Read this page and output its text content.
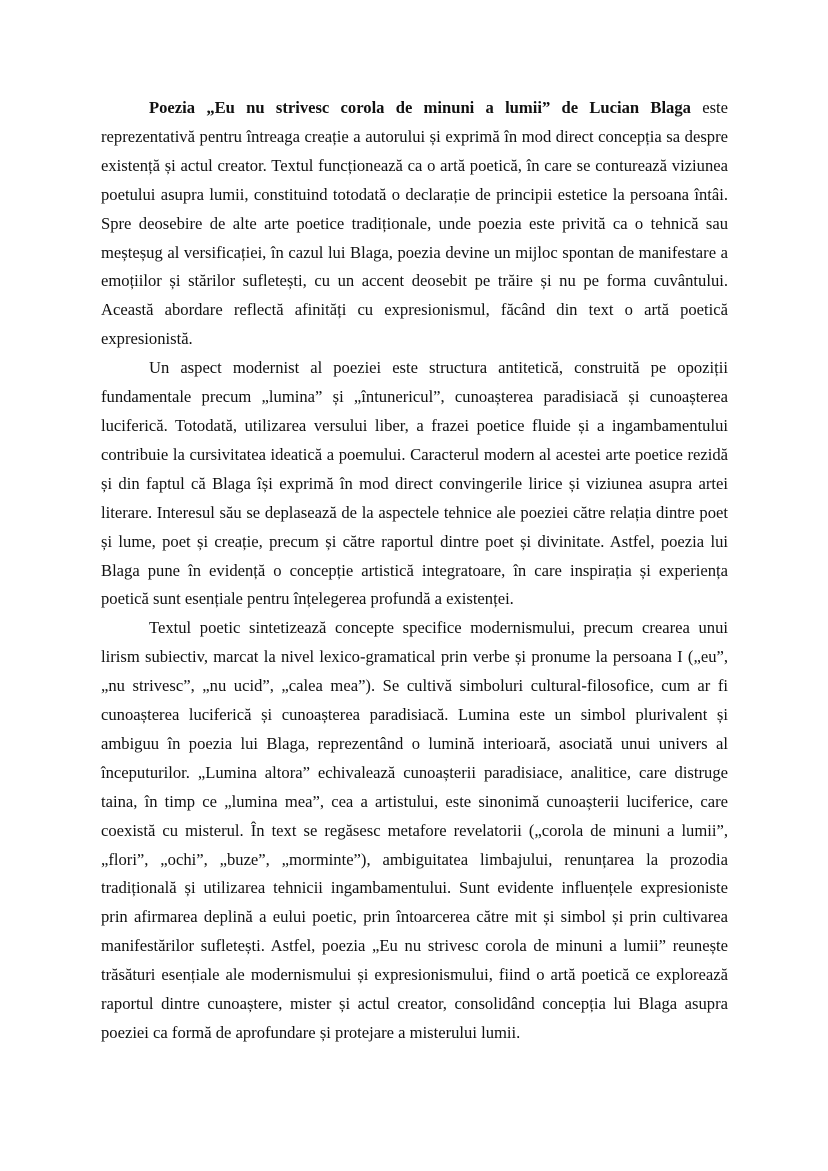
Poezia „Eu nu strivesc corola de minuni a lumii” de Lucian Blaga este
reprezentativă pentru întreaga creație a autorului și exprimă în mod direct concepția sa despre
existență și actul creator. Textul funcționează ca o artă poetică, în care se conturează viziunea
poetului asupra lumii, constituind totodată o declarație de principii estetice la persoana întâi.
Spre deosebire de alte arte poetice tradiționale, unde poezia este privită ca o tehnică sau
meșteșug al versificației, în cazul lui Blaga, poezia devine un mijloc spontan de manifestare a
emoțiilor și stărilor sufletești, cu un accent deosebit pe trăire și nu pe forma cuvântului.
Această abordare reflectă afinități cu expresionismul, făcând din text o artă poetică
expresionistă.
Un aspect modernist al poeziei este structura antitetică, construită pe opoziții
fundamentale precum „lumina” și „întunericul”, cunoașterea paradisiacă și cunoașterea
luciferică. Totodată, utilizarea versului liber, a frazei poetice fluide și a ingambamentului
contribuie la cursivitatea ideatică a poemului. Caracterul modern al acestei arte poetice rezidă
și din faptul că Blaga își exprimă în mod direct convingerile lirice și viziunea asupra artei
literare. Interesul său se deplasează de la aspectele tehnice ale poeziei către relația dintre poet
și lume, poet și creație, precum și către raportul dintre poet și divinitate. Astfel, poezia lui
Blaga pune în evidență o concepție artistică integratoare, în care inspirația și experiența
poetică sunt esențiale pentru înțelegerea profundă a existenței.
Textul poetic sintetizează concepte specifice modernismului, precum crearea unui
lirism subiectiv, marcat la nivel lexico-gramatical prin verbe și pronume la persoana I („eu”,
„nu strivesc”, „nu ucid”, „calea mea”). Se cultivă simboluri cultural-filosofice, cum ar fi
cunoașterea luciferică și cunoașterea paradisiacă. Lumina este un simbol plurivalent și
ambiguu în poezia lui Blaga, reprezentând o lumină interioară, asociată unui univers al
începuturilor. „Lumina altora” echivalează cunoașterii paradisiace, analitice, care distruge
taina, în timp ce „lumina mea”, cea a artistului, este sinonimă cunoașterii luciferice, care
coexistă cu misterul. În text se regăsesc metafore revelatorii („corola de minuni a lumii”,
„flori”, „ochi”, „buze”, „morminte”), ambiguitatea limbajului, renunțarea la prozodia
tradițională și utilizarea tehnicii ingambamentului. Sunt evidente influențele expresioniste
prin afirmarea deplină a eului poetic, prin întoarcerea către mit și simbol și prin cultivarea
manifestărilor sufletești. Astfel, poezia „Eu nu strivesc corola de minuni a lumii” reunește
trăsături esențiale ale modernismului și expresionismului, fiind o artă poetică ce explorează
raportul dintre cunoaștere, mister și actul creator, consolidând concepția lui Blaga asupra
poeziei ca formă de aprofundare și protejare a misterului lumii.
